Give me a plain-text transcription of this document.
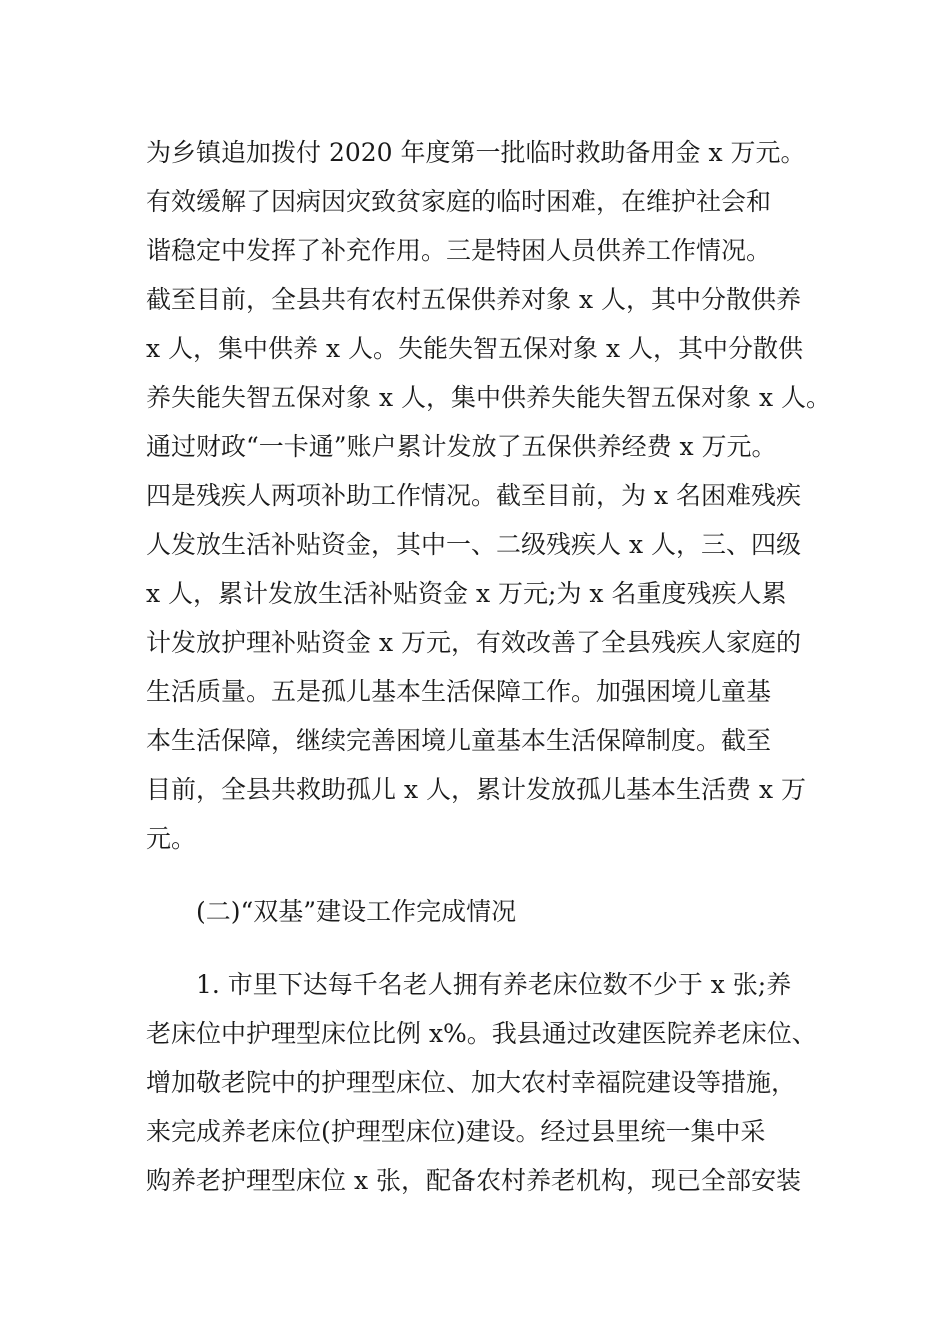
为乡镇追加拨付 2020 年度第一批临时救助备用金 x 万元。
有效缓解了因病因灾致贫家庭的临时困难，在维护社会和
谐稳定中发挥了补充作用。三是特困人员供养工作情况。
截至目前，全县共有农村五保供养对象 x 人，其中分散供养
x 人，集中供养 x 人。失能失智五保对象 x 人，其中分散供
养失能失智五保对象 x 人，集中供养失能失智五保对象 x 人。
通过财政“一卡通”账户累计发放了五保供养经费 x 万元。
四是残疾人两项补助工作情况。截至目前，为 x 名困难残疾
人发放生活补贴资金，其中一、二级残疾人 x 人，三、四级
x 人，累计发放生活补贴资金 x 万元;为 x 名重度残疾人累
计发放护理补贴资金 x 万元，有效改善了全县残疾人家庭的
生活质量。五是孤儿基本生活保障工作。加强困境儿童基
本生活保障，继续完善困境儿童基本生活保障制度。截至
目前，全县共救助孤儿 x 人，累计发放孤儿基本生活费 x 万
元。
(二)“双基”建设工作完成情况
1. 市里下达每千名老人拥有养老床位数不少于 x 张;养
老床位中护理型床位比例 x%。我县通过改建医院养老床位、
增加敬老院中的护理型床位、加大农村幸福院建设等措施，
来完成养老床位(护理型床位)建设。经过县里统一集中采
购养老护理型床位 x 张，配备农村养老机构，现已全部安装
